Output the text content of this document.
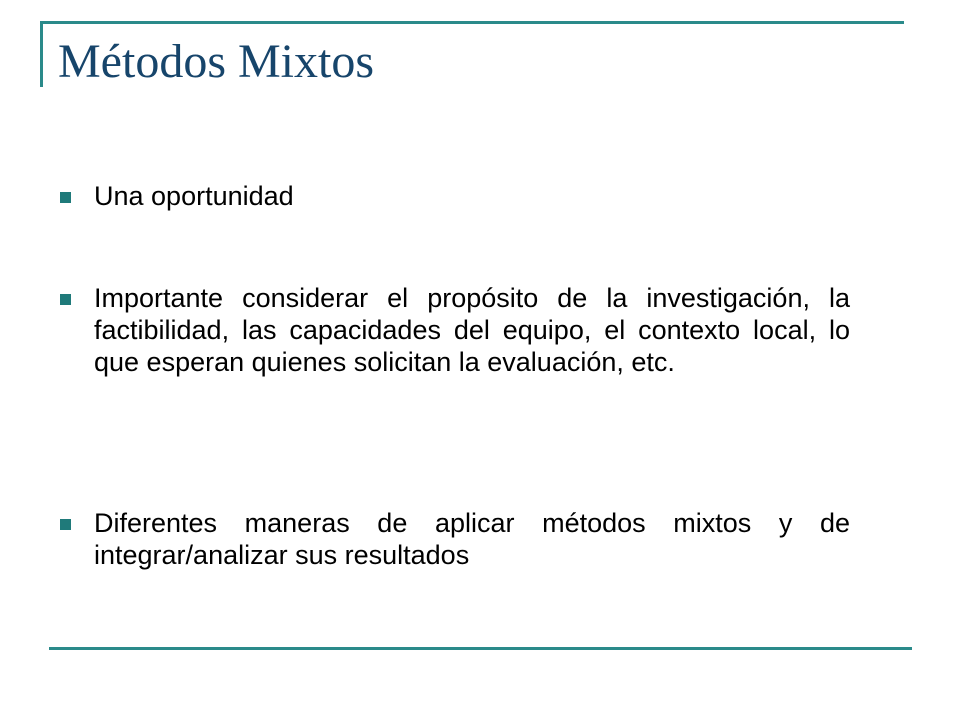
Métodos Mixtos
Una oportunidad
Importante considerar el propósito de la investigación, la factibilidad, las capacidades del equipo, el contexto local, lo que esperan quienes solicitan la evaluación, etc.
Diferentes maneras de aplicar métodos mixtos y de integrar/analizar sus resultados
